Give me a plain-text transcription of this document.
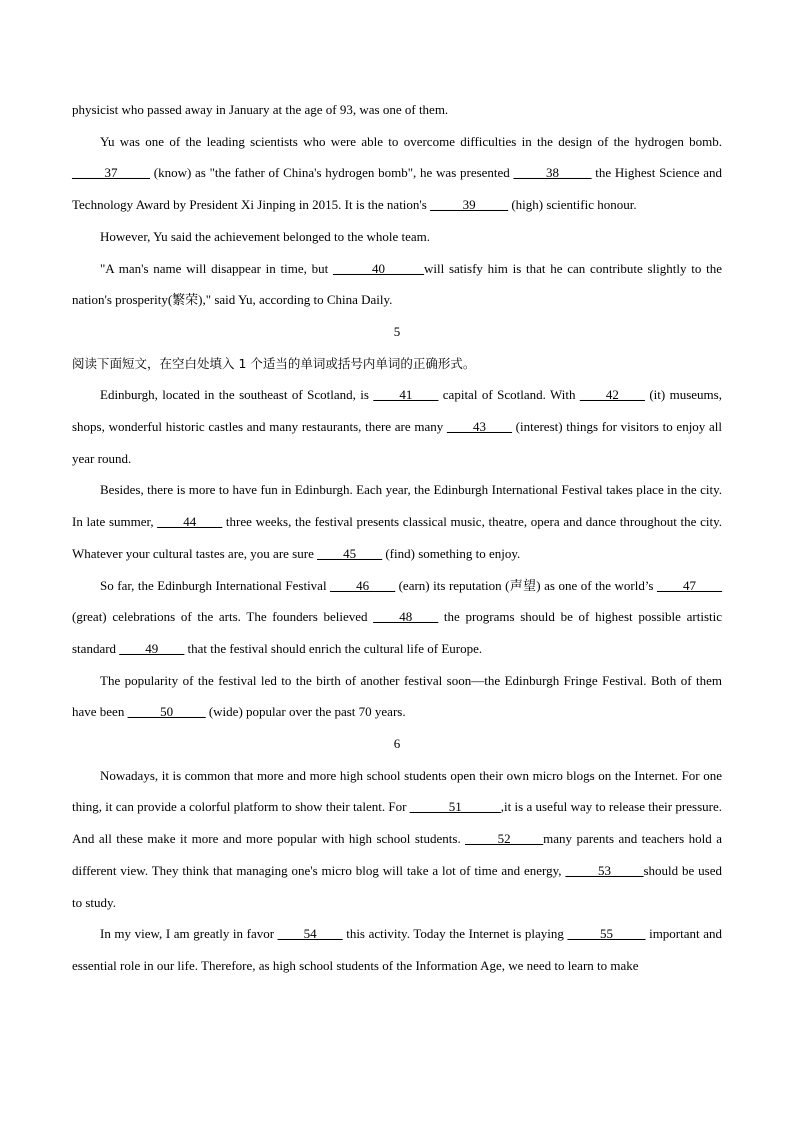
physicist who passed away in January at the age of 93, was one of them.

Yu was one of the leading scientists who were able to overcome difficulties in the design of the hydrogen bomb. _____37_____ (know) as "the father of China's hydrogen bomb", he was presented _____38_____ the Highest Science and Technology Award by President Xi Jinping in 2015. It is the nation's _____39_____ (high) scientific honour.

However, Yu said the achievement belonged to the whole team.

"A man's name will disappear in time, but ______40______will satisfy him is that he can contribute slightly to the nation's prosperity(繁荣)," said Yu, according to China Daily.

5

阅读下面短文，在空白处填入 1 个适当的单词或括号内单词的正确形式。

Edinburgh, located in the southeast of Scotland, is ____41____ capital of Scotland. With ____42____ (it) museums, shops, wonderful historic castles and many restaurants, there are many ____43____ (interest) things for visitors to enjoy all year round.

Besides, there is more to have fun in Edinburgh. Each year, the Edinburgh International Festival takes place in the city. In late summer, ____44____ three weeks, the festival presents classical music, theatre, opera and dance throughout the city. Whatever your cultural tastes are, you are sure ____45____ (find) something to enjoy.

So far, the Edinburgh International Festival ____46____ (earn) its reputation (声望) as one of the world’s ____47____ (great) celebrations of the arts. The founders believed ____48____ the programs should be of highest possible artistic standard ____49____ that the festival should enrich the cultural life of Europe.

The popularity of the festival led to the birth of another festival soon—the Edinburgh Fringe Festival. Both of them have been _____50_____ (wide) popular over the past 70 years.

6

Nowadays, it is common that more and more high school students open their own micro blogs on the Internet. For one thing, it can provide a colorful platform to show their talent. For ______51______,it is a useful way to release their pressure. And all these make it more and more popular with high school students. _____52_____many parents and teachers hold a different view. They think that managing one's micro blog will take a lot of time and energy, _____53_____should be used to study.

In my view, I am greatly in favor ____54____ this activity. Today the Internet is playing _____55_____ important and essential role in our life. Therefore, as high school students of the Information Age, we need to learn to make
